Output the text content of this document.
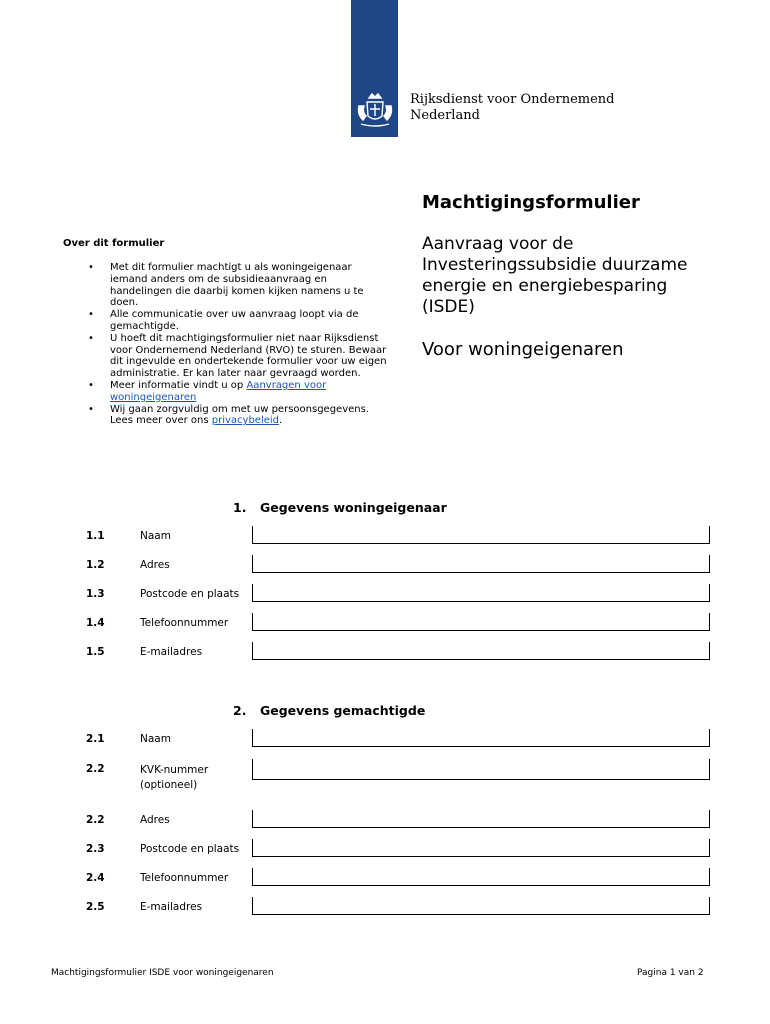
Rijksdienst voor Ondernemend
Nederland
Machtigingsformulier
Aanvraag voor de Investeringssubsidie duurzame energie en energiebesparing (ISDE)
Voor woningeigenaren
Over dit formulier
• Met dit formulier machtigt u als woningeigenaar iemand anders om de subsidieaanvraag en handelingen die daarbij komen kijken namens u te doen.
• Alle communicatie over uw aanvraag loopt via de gemachtigde.
• U hoeft dit machtigingsformulier niet naar Rijksdienst voor Ondernemend Nederland (RVO) te sturen. Bewaar dit ingevulde en ondertekende formulier voor uw eigen administratie. Er kan later naar gevraagd worden.
• Meer informatie vindt u op Aanvragen voor woningeigenaren
• Wij gaan zorgvuldig om met uw persoonsgegevens. Lees meer over ons privacybeleid.
1. Gegevens woningeigenaar
1.1	Naam
1.2	Adres
1.3	Postcode en plaats
1.4	Telefoonnummer
1.5	E-mailadres
2. Gegevens gemachtigde
2.1	Naam
2.2	KVK-nummer (optioneel)
2.2	Adres
2.3	Postcode en plaats
2.4	Telefoonnummer
2.5	E-mailadres
Machtigingsformulier ISDE voor woningeigenaren	Pagina 1 van 2
